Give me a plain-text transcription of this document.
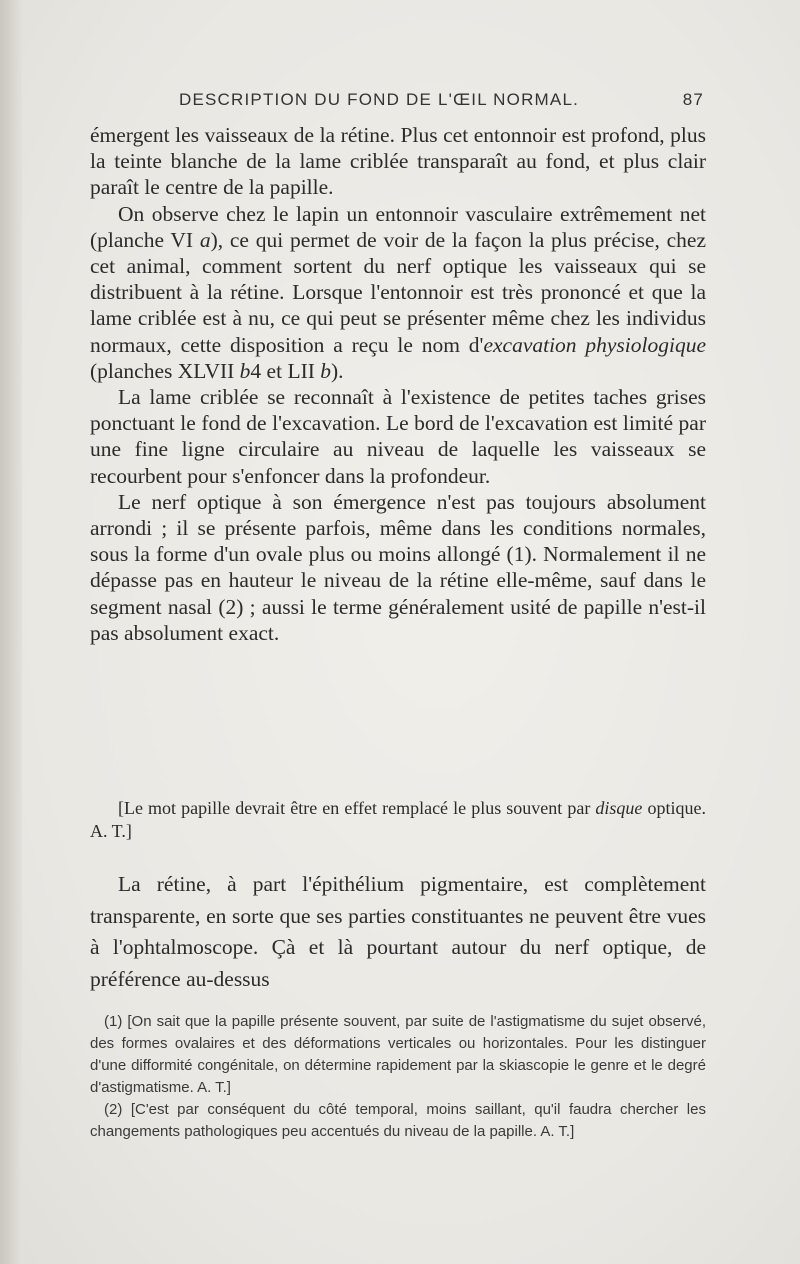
DESCRIPTION DU FOND DE L'ŒIL NORMAL.	87

émergent les vaisseaux de la rétine. Plus cet entonnoir est profond, plus la teinte blanche de la lame criblée transparaît au fond, et plus clair paraît le centre de la papille.

On observe chez le lapin un entonnoir vasculaire extrêmement net (planche VI a), ce qui permet de voir de la façon la plus précise, chez cet animal, comment sortent du nerf optique les vaisseaux qui se distribuent à la rétine. Lorsque l'entonnoir est très prononcé et que la lame criblée est à nu, ce qui peut se présenter même chez les individus normaux, cette disposition a reçu le nom d'excavation physiologique (planches XLVII b4 et LII b).

La lame criblée se reconnaît à l'existence de petites taches grises ponctuant le fond de l'excavation. Le bord de l'excavation est limité par une fine ligne circulaire au niveau de laquelle les vaisseaux se recourbent pour s'enfoncer dans la profondeur.

Le nerf optique à son émergence n'est pas toujours absolument arrondi ; il se présente parfois, même dans les conditions normales, sous la forme d'un ovale plus ou moins allongé (1). Normalement il ne dépasse pas en hauteur le niveau de la rétine elle-même, sauf dans le segment nasal (2) ; aussi le terme généralement usité de papille n'est-il pas absolument exact.

[Le mot papille devrait être en effet remplacé le plus souvent par disque optique. A. T.]

La rétine, à part l'épithélium pigmentaire, est complètement transparente, en sorte que ses parties constituantes ne peuvent être vues à l'ophtalmoscope. Çà et là pourtant autour du nerf optique, de préférence au-dessus

(1) [On sait que la papille présente souvent, par suite de l'astigmatisme du sujet observé, des formes ovalaires et des déformations verticales ou horizontales. Pour les distinguer d'une difformité congénitale, on détermine rapidement par la skiascopie le genre et le degré d'astigmatisme. A. T.]

(2) [C'est par conséquent du côté temporal, moins saillant, qu'il faudra chercher les changements pathologiques peu accentués du niveau de la papille. A. T.]
